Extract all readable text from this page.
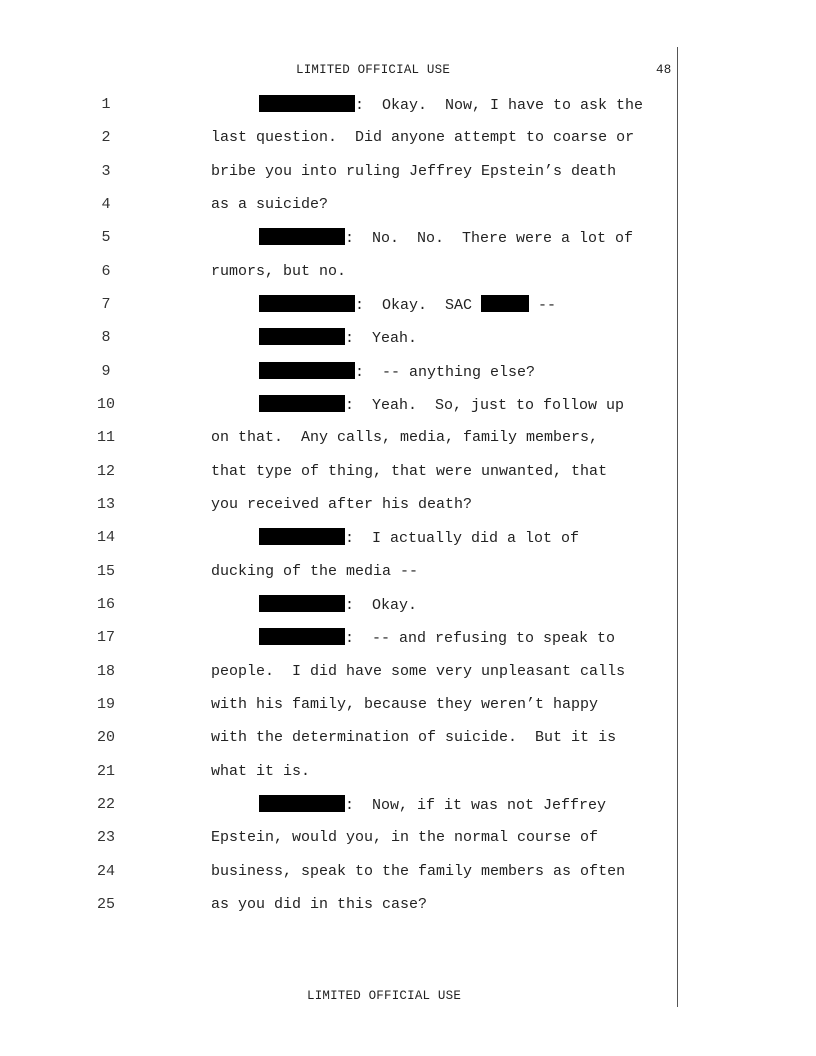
LIMITED OFFICIAL USE	48
1	:  Okay.  Now, I have to ask the
2	last question.  Did anyone attempt to coarse or
3	bribe you into ruling Jeffrey Epstein’s death
4	as a suicide?
5	:  No.  No.  There were a lot of
6	rumors, but no.
7	:  Okay.  SAC	--
8	:  Yeah.
9	:  -- anything else?
10	:  Yeah.  So, just to follow up
11	on that.  Any calls, media, family members,
12	that type of thing, that were unwanted, that
13	you received after his death?
14	:  I actually did a lot of
15	ducking of the media --
16	:  Okay.
17	:  -- and refusing to speak to
18	people.  I did have some very unpleasant calls
19	with his family, because they weren’t happy
20	with the determination of suicide.  But it is
21	what it is.
22	:  Now, if it was not Jeffrey
23	Epstein, would you, in the normal course of
24	business, speak to the family members as often
25	as you did in this case?
LIMITED OFFICIAL USE
